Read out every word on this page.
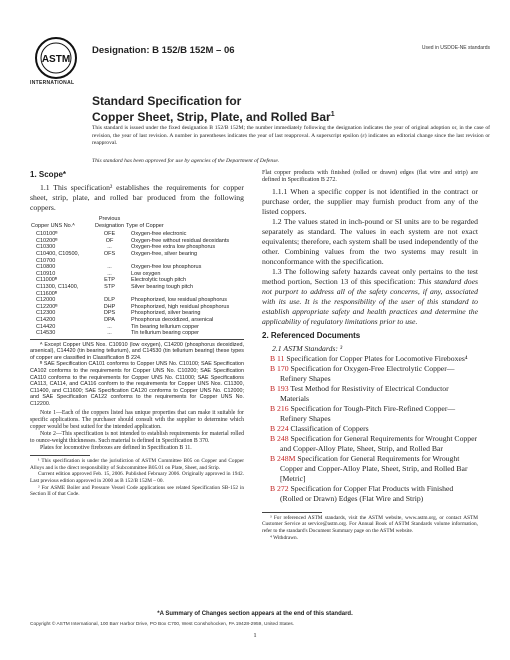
ASTM
INTERNATIONAL
Designation: B 152/B 152M – 06	Used in USDOE-NE standards
Standard Specification for
Copper Sheet, Strip, Plate, and Rolled Bar$^1$
This standard is issued under the fixed designation B 152/B 152M; the number immediately following the designation indicates the year of original adoption or, in the case of revision, the year of last revision. A number in parentheses indicates the year of last reapproval. A superscript epsilon (ε) indicates an editorial change since the last revision or reapproval.
This standard has been approved for use by agencies of the Department of Defense.
1. Scope*

1.1 This specification² establishes the requirements for copper sheet, strip, plate, and rolled bar produced from the following coppers.

Copper UNS No.ᴬ	Previous Designation	Type of Copper
C10100ᴮ	OFE	Oxygen-free electronic
C10200ᴮ	OF	Oxygen-free without residual deoxidants
C10300	...	Oxygen-free extra low phosphorus
C10400, C10500, C10700	OFS	Oxygen-free, silver bearing
C10800	...	Oxygen-free low phosphorus
C10910	...	Low oxygen
C11000ᴮ	ETP	Electrolytic tough pitch
C11300, C11400, C11600ᴮ	STP	Silver bearing tough pitch
C12000	DLP	Phosphorized, low residual phosphorus
C12200ᴮ	DHP	Phosphorized, high residual phosphorus
C12300	DPS	Phosphorized, silver bearing
C14200	DPA	Phosphorus deoxidized, arsenical
C14420	...	Tin bearing tellurium copper
C14530	...	Tin tellurium bearing copper

ᴬ Except Copper UNS Nos. C10910 (low oxygen), C14200 (phosphorus deoxidized, arsenical), C14420 (tin bearing tellurium), and C14530 (tin tellurium bearing) these types of copper are classified in Classification B 224.

ᴮ SAE Specification CA101 conforms to Copper UNS No. C10100; SAE Specification CA102 conforms to the requirements for Copper UNS No. C10200; SAE Specification CA110 conforms to the requirements for Copper UNS No. C11000; SAE Specifications CA113, CA114, and CA116 conform to the requirements for Copper UNS Nos. C11300, C11400, and C11600; SAE Specification CA120 conforms to Copper UNS No. C12000; and SAE Specification CA122 conforms to the requirements for Copper UNS No. C12200.

Note 1—Each of the coppers listed has unique properties that can make it suitable for specific applications. The purchaser should consult with the supplier to determine which copper would be best suited for the intended application.

Note 2—This specification is not intended to establish requirements for material rolled to ounce-weight thicknesses. Such material is defined in Specification B 370.

Plates for locomotive fireboxes are defined in Specification B 11.

¹ This specification is under the jurisdiction of ASTM Committee B05 on Copper and Copper Alloys and is the direct responsibility of Subcommittee B05.01 on Plate, Sheet, and Strip.

Current edition approved Feb. 15, 2006. Published February 2006. Originally approved in 1942. Last previous edition approved in 2000 as B 152/B 152M – 00.

² For ASME Boiler and Pressure Vessel Code applications see related Specification SB-152 in Section II of that Code.

Flat copper products with finished (rolled or drawn) edges (flat wire and strip) are defined in Specification B 272.

1.1.1 When a specific copper is not identified in the contract or purchase order, the supplier may furnish product from any of the listed coppers.

1.2 The values stated in inch-pound or SI units are to be regarded separately as standard. The values in each system are not exact equivalents; therefore, each system shall be used independently of the other. Combining values from the two systems may result in nonconformance with the specification.

1.3 The following safety hazards caveat only pertains to the test method portion, Section 13 of this specification: This standard does not purport to address all of the safety concerns, if any, associated with its use. It is the responsibility of the user of this standard to establish appropriate safety and health practices and determine the applicability of regulatory limitations prior to use.

2. Referenced Documents

2.1 ASTM Standards: ³

B 11 Specification for Copper Plates for Locomotive Fireboxes⁴
B 170 Specification for Oxygen-Free Electrolytic Copper—Refinery Shapes
B 193 Test Method for Resistivity of Electrical Conductor Materials
B 216 Specification for Tough-Pitch Fire-Refined Copper—Refinery Shapes
B 224 Classification of Coppers
B 248 Specification for General Requirements for Wrought Copper and Copper-Alloy Plate, Sheet, Strip, and Rolled Bar
B 248M Specification for General Requirements for Wrought Copper and Copper-Alloy Plate, Sheet, Strip, and Rolled Bar [Metric]
B 272 Specification for Copper Flat Products with Finished (Rolled or Drawn) Edges (Flat Wire and Strip)

³ For referenced ASTM standards, visit the ASTM website, www.astm.org, or contact ASTM Customer Service at service@astm.org. For Annual Book of ASTM Standards volume information, refer to the standard's Document Summary page on the ASTM website.

⁴ Withdrawn.

*A Summary of Changes section appears at the end of this standard.
Copyright © ASTM International, 100 Barr Harbor Drive, PO Box C700, West Conshohocken, PA 19428-2959, United States.
1
